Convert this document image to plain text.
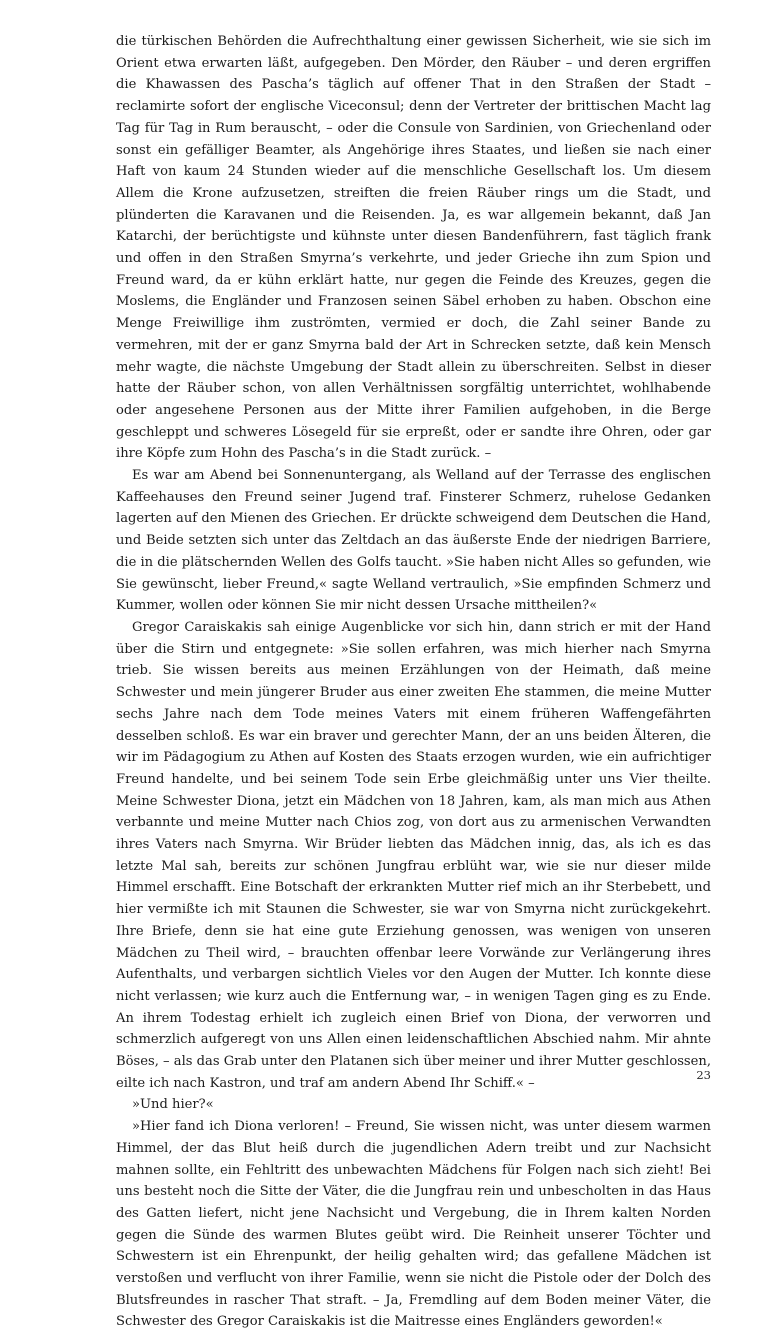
die türkischen Behörden die Aufrechthaltung einer gewissen Sicherheit, wie sie sich im Orient etwa erwarten läßt, aufgegeben. Den Mörder, den Räuber – und deren ergriffen die Khawassen des Pascha’s täglich auf offener That in den Straßen der Stadt – reclamirte sofort der englische Viceconsul; denn der Vertreter der brittischen Macht lag Tag für Tag in Rum berauscht, – oder die Consule von Sardinien, von Griechenland oder sonst ein gefälliger Beamter, als Angehörige ihres Staates, und ließen sie nach einer Haft von kaum 24 Stunden wieder auf die menschliche Gesellschaft los. Um diesem Allem die Krone aufzusetzen, streiften die freien Räuber rings um die Stadt, und plünderten die Karavanen und die Reisenden. Ja, es war allgemein bekannt, daß Jan Katarchi, der berüchtigste und kühnste unter diesen Bandenführern, fast täglich frank und offen in den Straßen Smyrna’s verkehrte, und jeder Grieche ihn zum Spion und Freund ward, da er kühn erklärt hatte, nur gegen die Feinde des Kreuzes, gegen die Moslems, die Engländer und Franzosen seinen Säbel erhoben zu haben. Obschon eine Menge Freiwillige ihm zuströmten, vermied er doch, die Zahl seiner Bande zu vermehren, mit der er ganz Smyrna bald der Art in Schrecken setzte, daß kein Mensch mehr wagte, die nächste Umgebung der Stadt allein zu überschreiten. Selbst in dieser hatte der Räuber schon, von allen Verhältnissen sorgfältig unterrichtet, wohlhabende oder angesehene Personen aus der Mitte ihrer Familien aufgehoben, in die Berge geschleppt und schweres Lösegeld für sie erpreßt, oder er sandte ihre Ohren, oder gar ihre Köpfe zum Hohn des Pascha’s in die Stadt zurück. –

Es war am Abend bei Sonnenuntergang, als Welland auf der Terrasse des englischen Kaffeehauses den Freund seiner Jugend traf. Finsterer Schmerz, ruhelose Gedanken lagerten auf den Mienen des Griechen. Er drückte schweigend dem Deutschen die Hand, und Beide setzten sich unter das Zeltdach an das äußerste Ende der niedrigen Barriere, die in die plätschernden Wellen des Golfs taucht. »Sie haben nicht Alles so gefunden, wie Sie gewünscht, lieber Freund,« sagte Welland vertraulich, »Sie empfinden Schmerz und Kummer, wollen oder können Sie mir nicht dessen Ursache mittheilen?«

Gregor Caraiskakis sah einige Augenblicke vor sich hin, dann strich er mit der Hand über die Stirn und entgegnete: »Sie sollen erfahren, was mich hierher nach Smyrna trieb. Sie wissen bereits aus meinen Erzählungen von der Heimath, daß meine Schwester und mein jüngerer Bruder aus einer zweiten Ehe stammen, die meine Mutter sechs Jahre nach dem Tode meines Vaters mit einem früheren Waffengefährten desselben schloß. Es war ein braver und gerechter Mann, der an uns beiden Älteren, die wir im Pädagogium zu Athen auf Kosten des Staats erzogen wurden, wie ein aufrichtiger Freund handelte, und bei seinem Tode sein Erbe gleichmäßig unter uns Vier theilte. Meine Schwester Diona, jetzt ein Mädchen von 18 Jahren, kam, als man mich aus Athen verbannte und meine Mutter nach Chios zog, von dort aus zu armenischen Verwandten ihres Vaters nach Smyrna. Wir Brüder liebten das Mädchen innig, das, als ich es das letzte Mal sah, bereits zur schönen Jungfrau erblüht war, wie sie nur dieser milde Himmel erschafft. Eine Botschaft der erkrankten Mutter rief mich an ihr Sterbebett, und hier vermißte ich mit Staunen die Schwester, sie war von Smyrna nicht zurückgekehrt. Ihre Briefe, denn sie hat eine gute Erziehung genossen, was wenigen von unseren Mädchen zu Theil wird, – brauchten offenbar leere Vorwände zur Verlängerung ihres Aufenthalts, und verbargen sichtlich Vieles vor den Augen der Mutter. Ich konnte diese nicht verlassen; wie kurz auch die Entfernung war, – in wenigen Tagen ging es zu Ende. An ihrem Todestag erhielt ich zugleich einen Brief von Diona, der verworren und schmerzlich aufgeregt von uns Allen einen leidenschaftlichen Abschied nahm. Mir ahnte Böses, – als das Grab unter den Platanen sich über meiner und ihrer Mutter geschlossen, eilte ich nach Kastron, und traf am andern Abend Ihr Schiff.« –

»Und hier?«

»Hier fand ich Diona verloren! – Freund, Sie wissen nicht, was unter diesem warmen Himmel, der das Blut heiß durch die jugendlichen Adern treibt und zur Nachsicht mahnen sollte, ein Fehltritt des unbewachten Mädchens für Folgen nach sich zieht! Bei uns besteht noch die Sitte der Väter, die die Jungfrau rein und unbescholten in das Haus des Gatten liefert, nicht jene Nachsicht und Vergebung, die in Ihrem kalten Norden gegen die Sünde des warmen Blutes geübt wird. Die Reinheit unserer Töchter und Schwestern ist ein Ehrenpunkt, der heilig gehalten wird; das gefallene Mädchen ist verstoßen und verflucht von ihrer Familie, wenn sie nicht die Pistole oder der Dolch des Blutsfreundes in rascher That straft. – Ja, Fremdling auf dem Boden meiner Väter, die Schwester des Gregor Caraiskakis ist die Maitresse eines Engländers geworden!«

23
